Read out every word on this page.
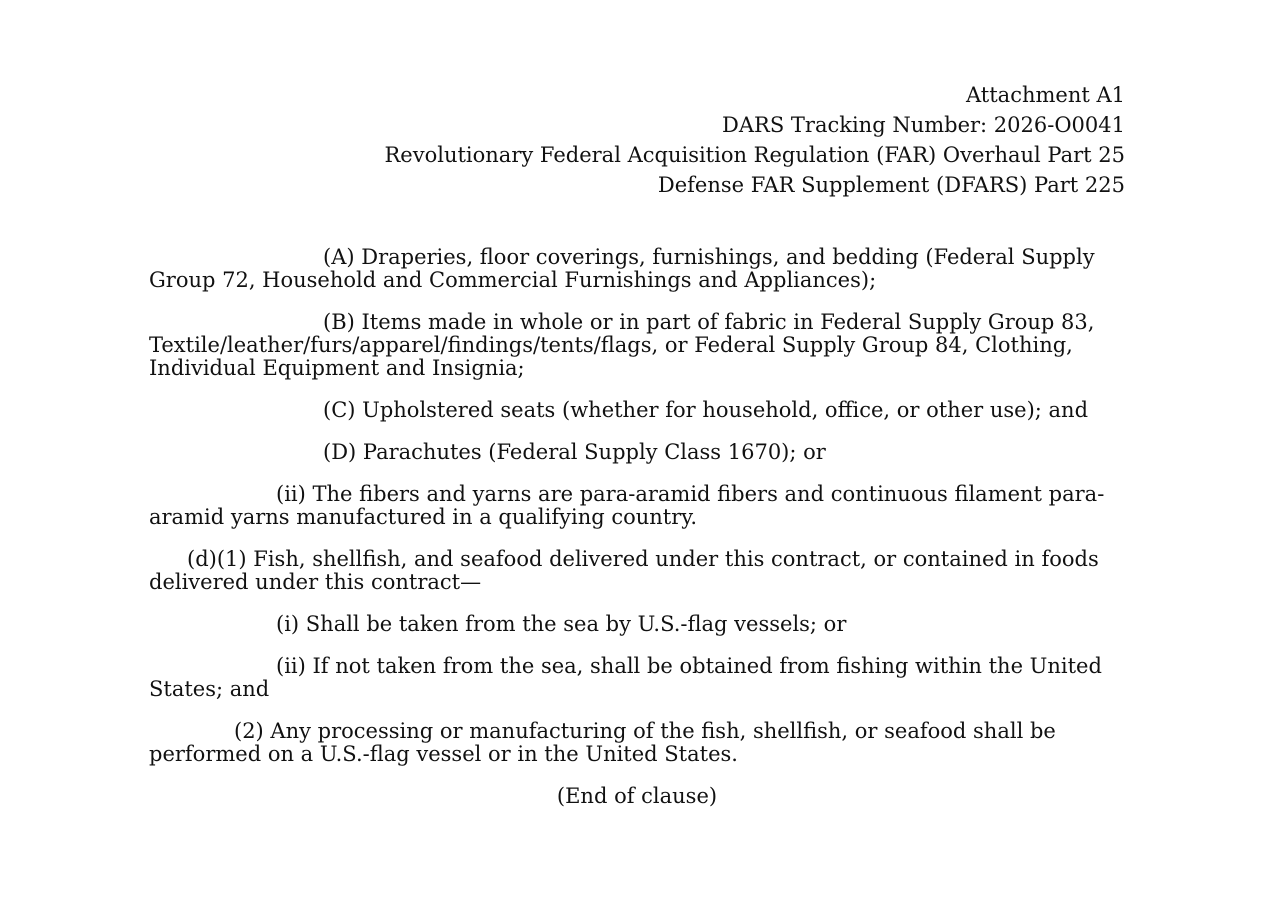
Attachment A1
DARS Tracking Number: 2026-O0041
Revolutionary Federal Acquisition Regulation (FAR) Overhaul Part 25
Defense FAR Supplement (DFARS) Part 225

(A) Draperies, floor coverings, furnishings, and bedding (Federal Supply Group 72, Household and Commercial Furnishings and Appliances);

(B) Items made in whole or in part of fabric in Federal Supply Group 83, Textile/leather/furs/apparel/findings/tents/flags, or Federal Supply Group 84, Clothing, Individual Equipment and Insignia;

(C) Upholstered seats (whether for household, office, or other use); and

(D) Parachutes (Federal Supply Class 1670); or

(ii) The fibers and yarns are para-aramid fibers and continuous filament para-aramid yarns manufactured in a qualifying country.

(d)(1) Fish, shellfish, and seafood delivered under this contract, or contained in foods delivered under this contract—

(i) Shall be taken from the sea by U.S.-flag vessels; or

(ii) If not taken from the sea, shall be obtained from fishing within the United States; and

(2) Any processing or manufacturing of the fish, shellfish, or seafood shall be performed on a U.S.-flag vessel or in the United States.

(End of clause)
